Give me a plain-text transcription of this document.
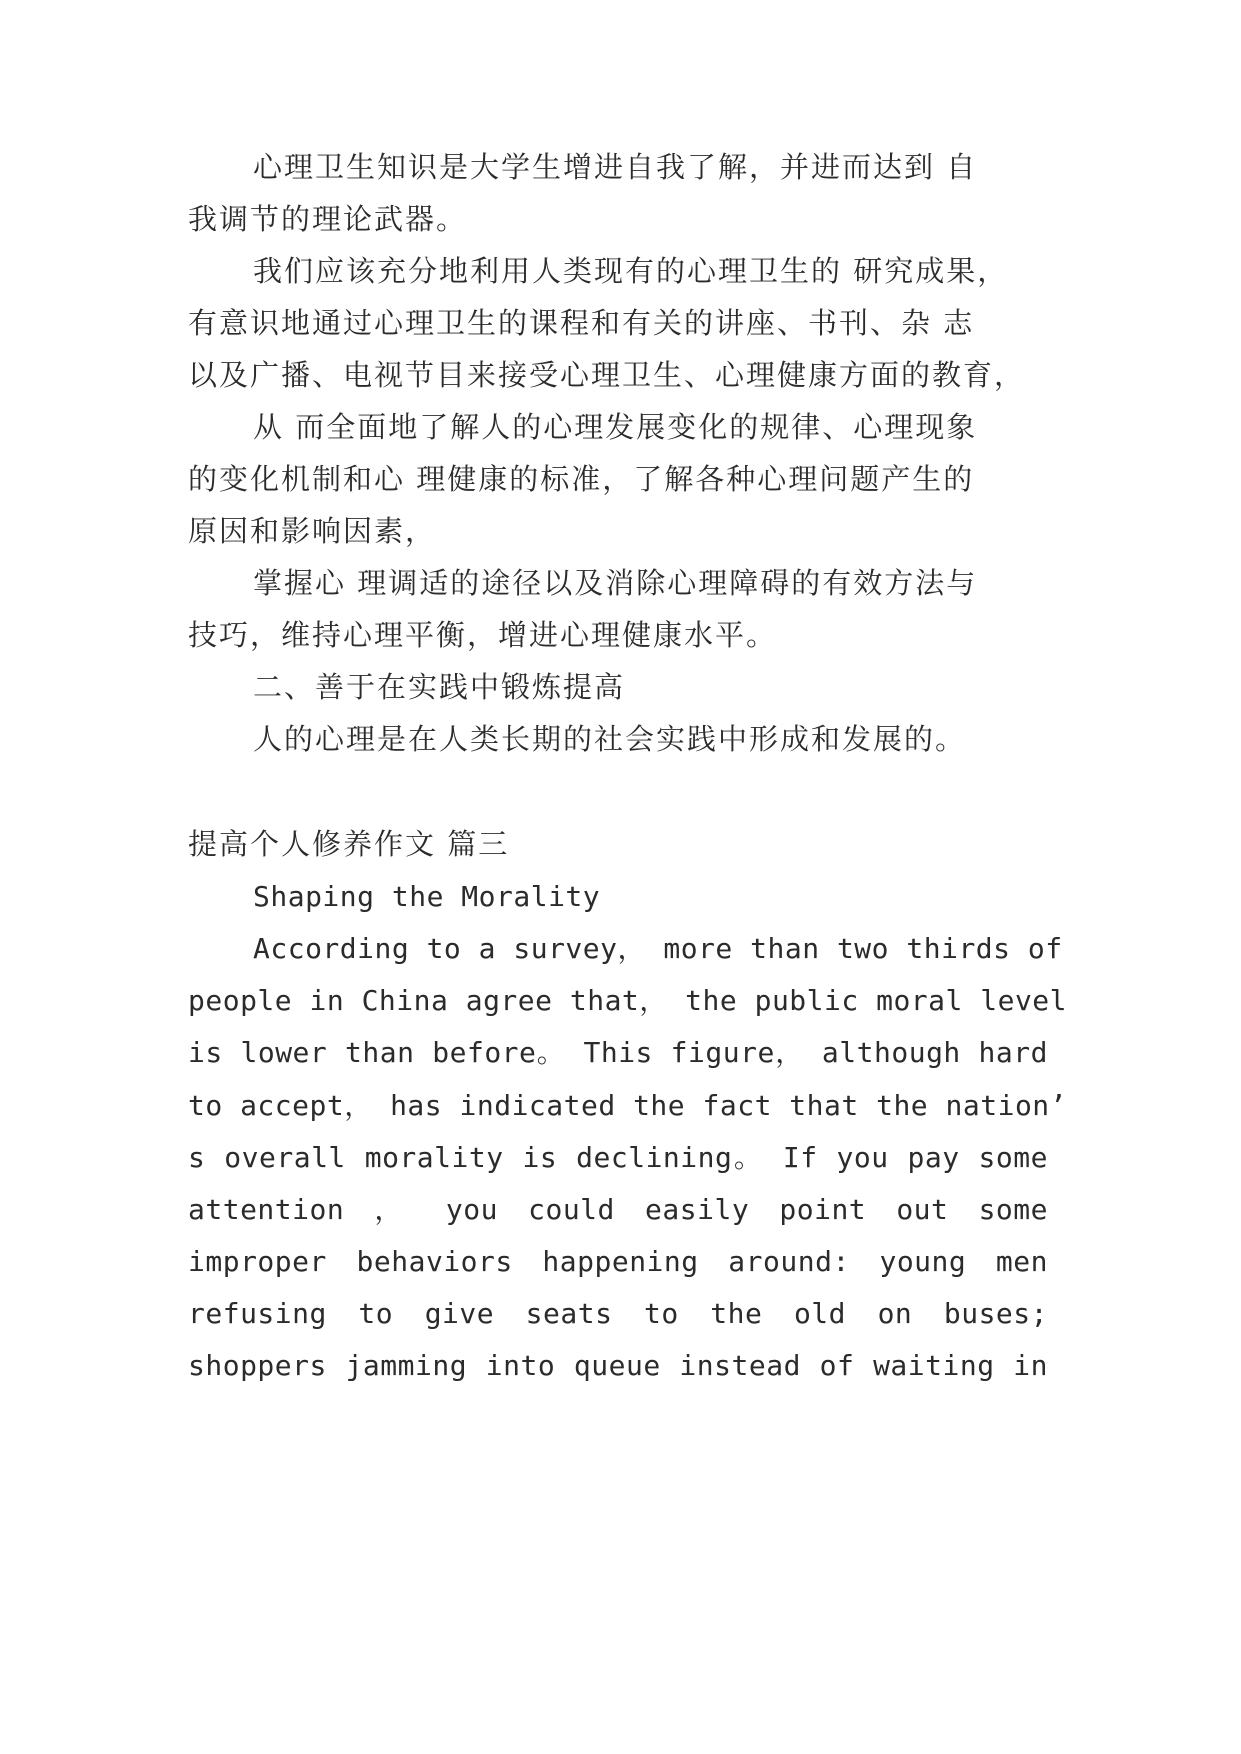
心理卫生知识是大学生增进自我了解，并进而达到 自
我调节的理论武器。
我们应该充分地利用人类现有的心理卫生的 研究成果，
有意识地通过心理卫生的课程和有关的讲座、书刊、杂 志
以及广播、电视节目来接受心理卫生、心理健康方面的教育，
从 而全面地了解人的心理发展变化的规律、心理现象
的变化机制和心 理健康的标准，了解各种心理问题产生的
原因和影响因素，
掌握心 理调适的途径以及消除心理障碍的有效方法与
技巧，维持心理平衡，增进心理健康水平。
二、善于在实践中锻炼提高
人的心理是在人类长期的社会实践中形成和发展的。
提高个人修养作文 篇三
Shaping the Morality
According to a survey， more than two thirds of
people in China agree that， the public moral level
is lower than before。 This figure， although hard
to accept， has indicated the fact that the nation’
s overall morality is declining。 If you pay some
attention ， you could easily point out some
improper behaviors happening around: young men
refusing to give seats to the old on buses;
shoppers jamming into queue instead of waiting in
